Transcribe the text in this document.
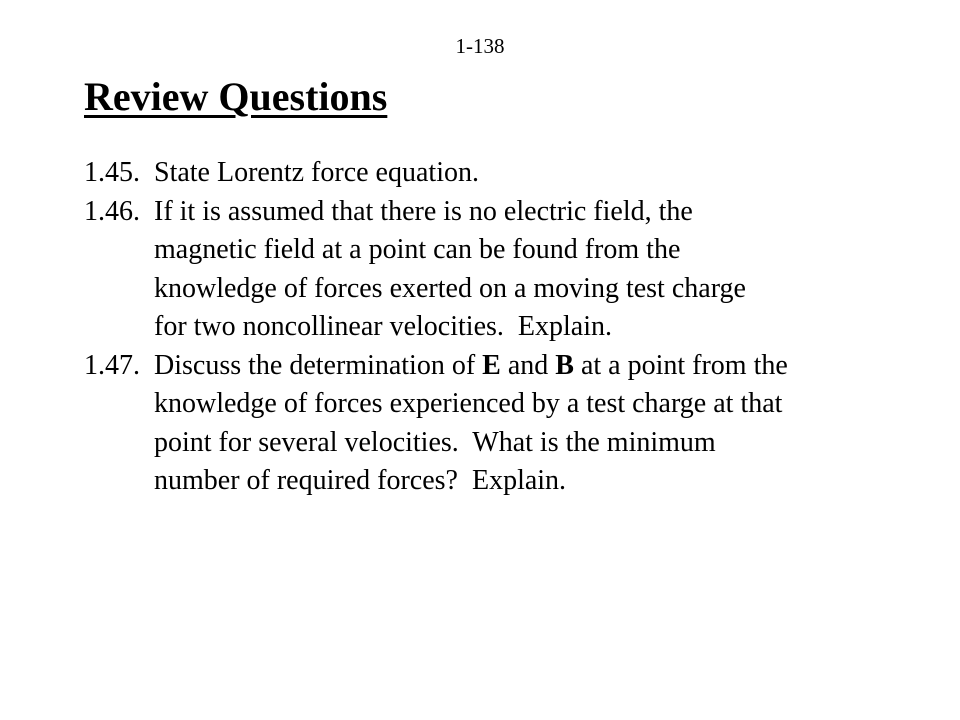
1-138
Review Questions
1.45. State Lorentz force equation.
1.46. If it is assumed that there is no electric field, the
magnetic field at a point can be found from the
knowledge of forces exerted on a moving test charge
for two noncollinear velocities.  Explain.
1.47. Discuss the determination of E and B at a point from the
knowledge of forces experienced by a test charge at that
point for several velocities.  What is the minimum
number of required forces?  Explain.
